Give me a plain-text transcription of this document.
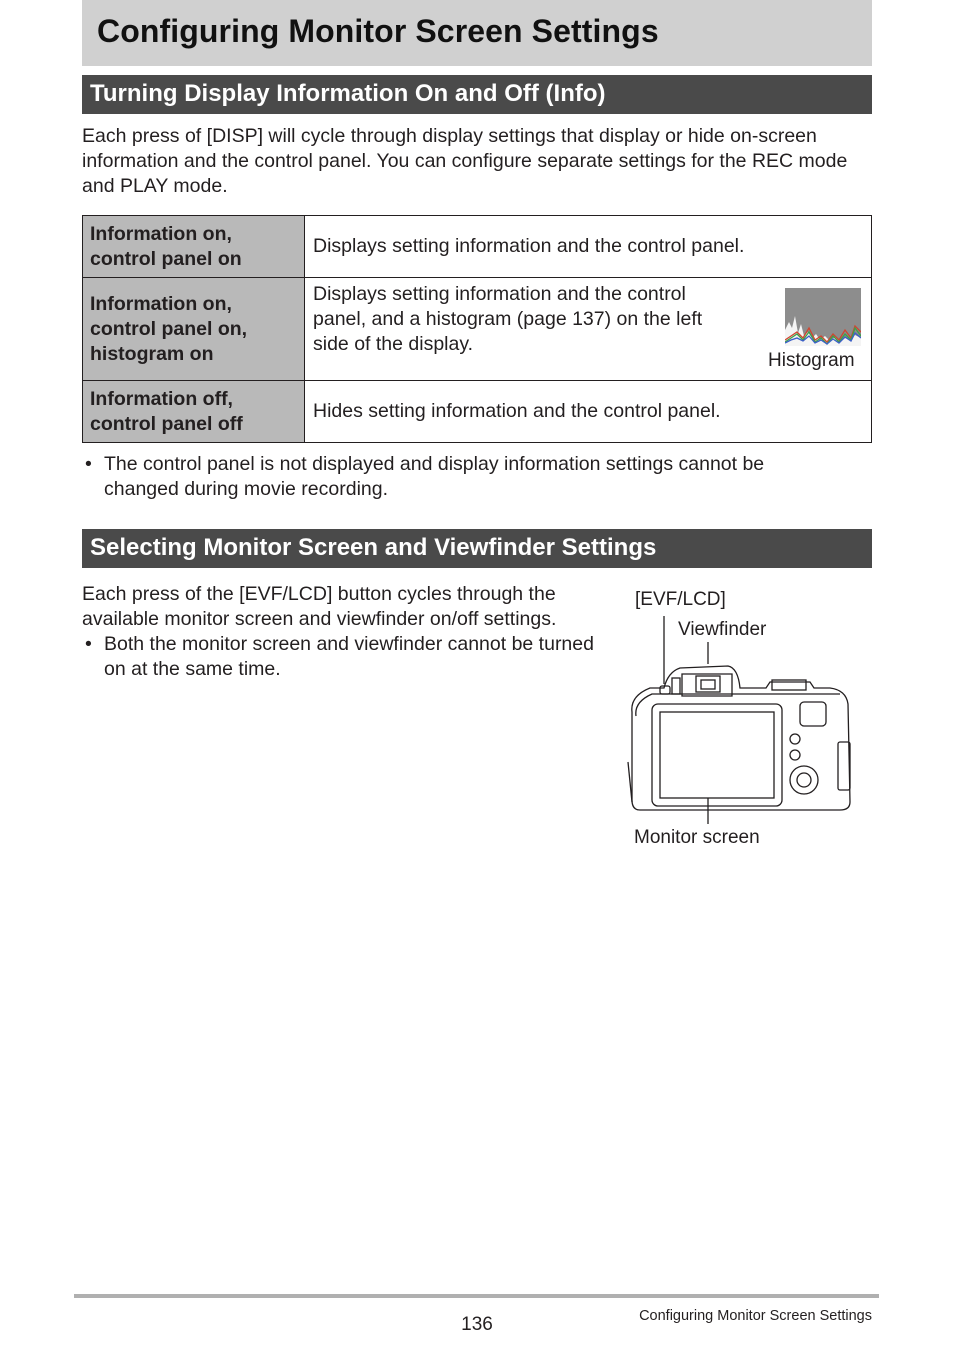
Configuring Monitor Screen Settings
Turning Display Information On and Off (Info)

Each press of [DISP] will cycle through display settings that display or hide on-screen information and the control panel. You can configure separate settings for the REC mode and PLAY mode.

Information on, control panel on	Displays setting information and the control panel.
Information on, control panel on, histogram on	Displays setting information and the control panel, and a histogram (page 137) on the left side of the display.
Histogram

Information off, control panel off	Hides setting information and the control panel.
• The control panel is not displayed and display information settings cannot be changed during movie recording.
Selecting Monitor Screen and Viewfinder Settings

Each press of the [EVF/LCD] button cycles through the available monitor screen and viewfinder on/off settings.

• Both the monitor screen and viewfinder cannot be turned on at the same time.
[EVF/LCD]
Viewfinder
Monitor screen
136	Configuring Monitor Screen Settings
